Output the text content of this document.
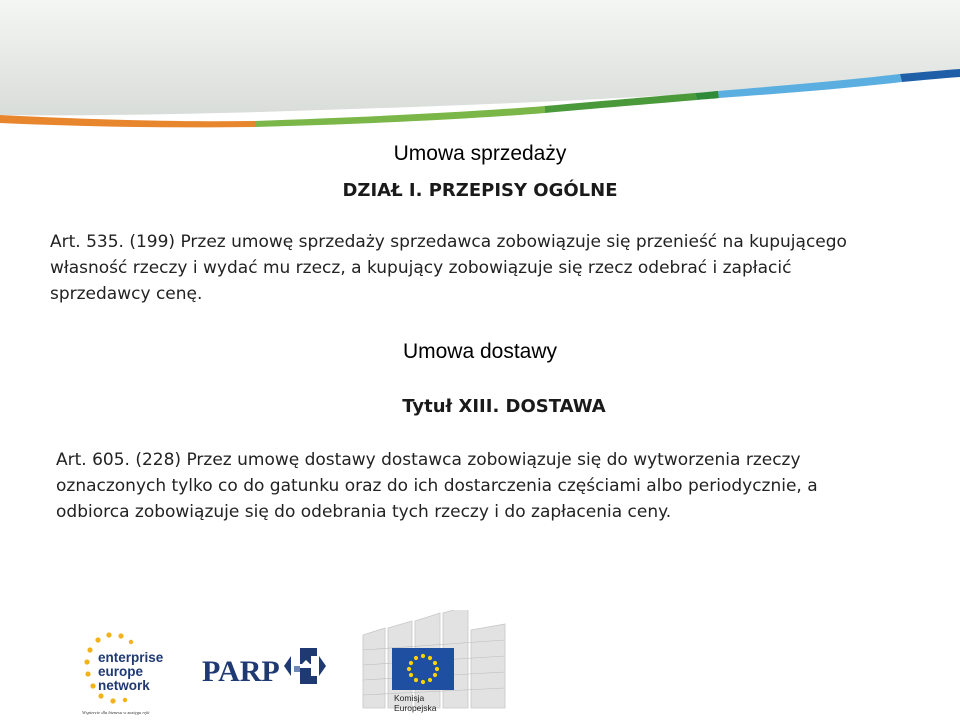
Umowa sprzedaży
DZIAŁ I. PRZEPISY OGÓLNE
Art. 535. (199) Przez umowę sprzedaży sprzedawca zobowiązuje się przenieść na kupującego
własność rzeczy i wydać mu rzecz, a kupujący zobowiązuje się rzecz odebrać i zapłacić
sprzedawcy cenę.
Umowa dostawy
Tytuł XIII. DOSTAWA
Art. 605. (228) Przez umowę dostawy dostawca zobowiązuje się do wytworzenia rzeczy
oznaczonych tylko co do gatunku oraz do ich dostarczenia częściami albo periodycznie, a
odbiorca zobowiązuje się do odebrania tych rzeczy i do zapłacenia ceny.
enterprise
europe
network
Wspiercie dla biznesu w zasięgu ręki
PARP
Komisja
Europejska
